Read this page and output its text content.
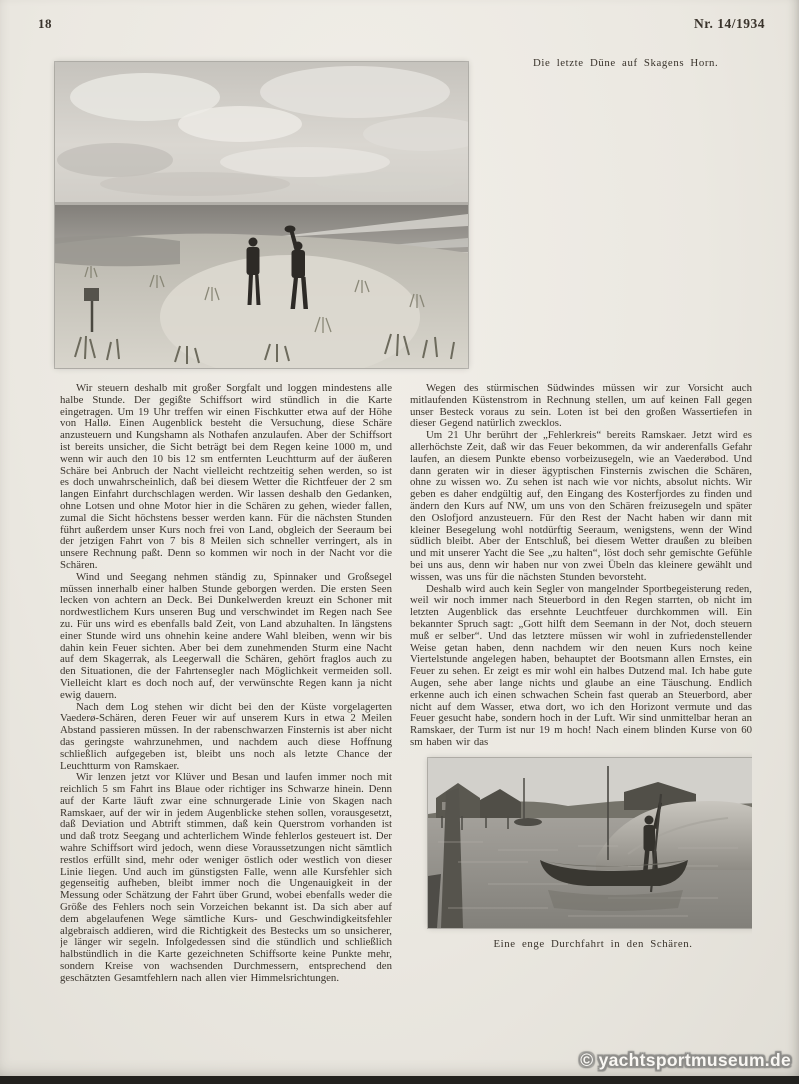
18	Nr. 14/1934
Die letzte Düne auf Skagens Horn.

Wir steuern deshalb mit großer Sorgfalt und loggen mindestens alle halbe Stunde. Der gegißte Schiffsort wird stündlich in die Karte eingetragen. Um 19 Uhr treffen wir einen Fischkutter etwa auf der Höhe von Hallø. Einen Augenblick besteht die Versuchung, diese Schäre anzusteuern und Kungshamn als Nothafen anzulaufen. Aber der Schiffsort ist bereits unsicher, die Sicht beträgt bei dem Regen keine 1000 m, und wenn wir auch den 10 bis 12 sm entfernten Leuchtturm auf der äußeren Schäre bei Anbruch der Nacht vielleicht rechtzeitig sehen werden, so ist es doch unwahrscheinlich, daß bei diesem Wetter die Richtfeuer der 2 sm langen Einfahrt durchschlagen werden. Wir lassen deshalb den Gedanken, ohne Lotsen und ohne Motor hier in die Schären zu gehen, wieder fallen, zumal die Sicht höchstens besser werden kann. Für die nächsten Stunden führt außerdem unser Kurs noch frei von Land, obgleich der Seeraum bei der jetzigen Fahrt von 7 bis 8 Meilen sich schneller verringert, als in unsere Rechnung paßt. Denn so kommen wir noch in der Nacht vor die Schären.

Wind und Seegang nehmen ständig zu, Spinnaker und Großsegel müssen innerhalb einer halben Stunde geborgen werden. Die ersten Seen lecken von achtern an Deck. Bei Dunkelwerden kreuzt ein Schoner mit nordwestlichem Kurs unseren Bug und verschwindet im Regen nach See zu. Für uns wird es ebenfalls bald Zeit, von Land abzuhalten. In längstens einer Stunde wird uns ohnehin keine andere Wahl bleiben, wenn wir bis dahin kein Feuer sichten. Aber bei dem zunehmenden Sturm eine Nacht auf dem Skagerrak, als Leegerwall die Schären, gehört fraglos auch zu den Situationen, die der Fahrtensegler nach Möglichkeit vermeiden soll. Vielleicht klart es doch noch auf, der verwünschte Regen kann ja nicht ewig dauern.

Nach dem Log stehen wir dicht bei den der Küste vorgelagerten Vaederø-Schären, deren Feuer wir auf unserem Kurs in etwa 2 Meilen Abstand passieren müssen. In der rabenschwarzen Finsternis ist aber nicht das geringste wahrzunehmen, und nachdem auch diese Hoffnung schließlich aufgegeben ist, bleibt uns noch als letzte Chance der Leuchtturm von Ramskaer.

Wir lenzen jetzt vor Klüver und Besan und laufen immer noch mit reichlich 5 sm Fahrt ins Blaue oder richtiger ins Schwarze hinein. Denn auf der Karte läuft zwar eine schnurgerade Linie von Skagen nach Ramskaer, auf der wir in jedem Augenblicke stehen sollen, vorausgesetzt, daß Deviation und Abtrift stimmen, daß kein Querstrom vorhanden ist und daß trotz Seegang und achterlichem Winde fehlerlos gesteuert ist. Der wahre Schiffsort wird jedoch, wenn diese Voraussetzungen nicht sämtlich restlos erfüllt sind, mehr oder weniger östlich oder westlich von dieser Linie liegen. Und auch im günstigsten Falle, wenn alle Kursfehler sich gegenseitig aufheben, bleibt immer noch die Ungenauigkeit in der Messung oder Schätzung der Fahrt über Grund, wobei ebenfalls weder die Größe des Fehlers noch sein Vorzeichen bekannt ist. Da sich aber auf dem abgelaufenen Wege sämtliche Kurs- und Geschwindigkeitsfehler algebraisch addieren, wird die Richtigkeit des Bestecks um so unsicherer, je länger wir segeln. Infolgedessen sind die stündlich und schließlich halbstündlich in die Karte gezeichneten Schiffsorte keine Punkte mehr, sondern Kreise von wachsenden Durchmessern, entsprechend den geschätzten Gesamtfehlern nach allen vier Himmelsrichtungen.

Wegen des stürmischen Südwindes müssen wir zur Vorsicht auch mitlaufenden Küstenstrom in Rechnung stellen, um auf keinen Fall gegen unser Besteck voraus zu sein. Loten ist bei den großen Wassertiefen in dieser Gegend natürlich zwecklos.

Um 21 Uhr berührt der „Fehlerkreis“ bereits Ramskaer. Jetzt wird es allerhöchste Zeit, daß wir das Feuer bekommen, da wir anderenfalls Gefahr laufen, an diesem Punkte ebenso vorbeizusegeln, wie an Vaederøbod. Und dann geraten wir in dieser ägyptischen Finsternis zwischen die Schären, ohne zu wissen wo. Zu sehen ist nach wie vor nichts, absolut nichts. Wir geben es daher endgültig auf, den Eingang des Kosterfjordes zu finden und ändern den Kurs auf NW, um uns von den Schären freizusegeln und später den Oslofjord anzusteuern. Für den Rest der Nacht haben wir dann mit kleiner Besegelung wohl notdürftig Seeraum, wenigstens, wenn der Wind südlich bleibt. Aber der Entschluß, bei diesem Wetter draußen zu bleiben und mit unserer Yacht die See „zu halten“, löst doch sehr gemischte Gefühle bei uns aus, denn wir haben nur von zwei Übeln das kleinere gewählt und wissen, was uns für die nächsten Stunden bevorsteht.

Deshalb wird auch kein Segler von mangelnder Sportbegeisterung reden, weil wir noch immer nach Steuerbord in den Regen starrten, ob nicht im letzten Augenblick das ersehnte Leuchtfeuer durchkommen will. Ein bekannter Spruch sagt: „Gott hilft dem Seemann in der Not, doch steuern muß er selber“. Und das letztere müssen wir wohl in zufriedenstellender Weise getan haben, denn nachdem wir den neuen Kurs noch keine Viertelstunde angelegen haben, behauptet der Bootsmann allen Ernstes, ein Feuer zu sehen. Er zeigt es mir wohl ein halbes Dutzend mal. Ich habe gute Augen, sehe aber lange nichts und glaube an eine Täuschung. Endlich erkenne auch ich einen schwachen Schein fast querab an Steuerbord, aber nicht auf dem Wasser, etwa dort, wo ich den Horizont vermute und das Feuer gesucht habe, sondern hoch in der Luft. Wir sind unmittelbar heran an Ramskaer, der Turm ist nur 19 m hoch! Nach einem blinden Kurse von 60 sm haben wir das

Eine enge Durchfahrt in den Schären.
© yachtsportmuseum.de
